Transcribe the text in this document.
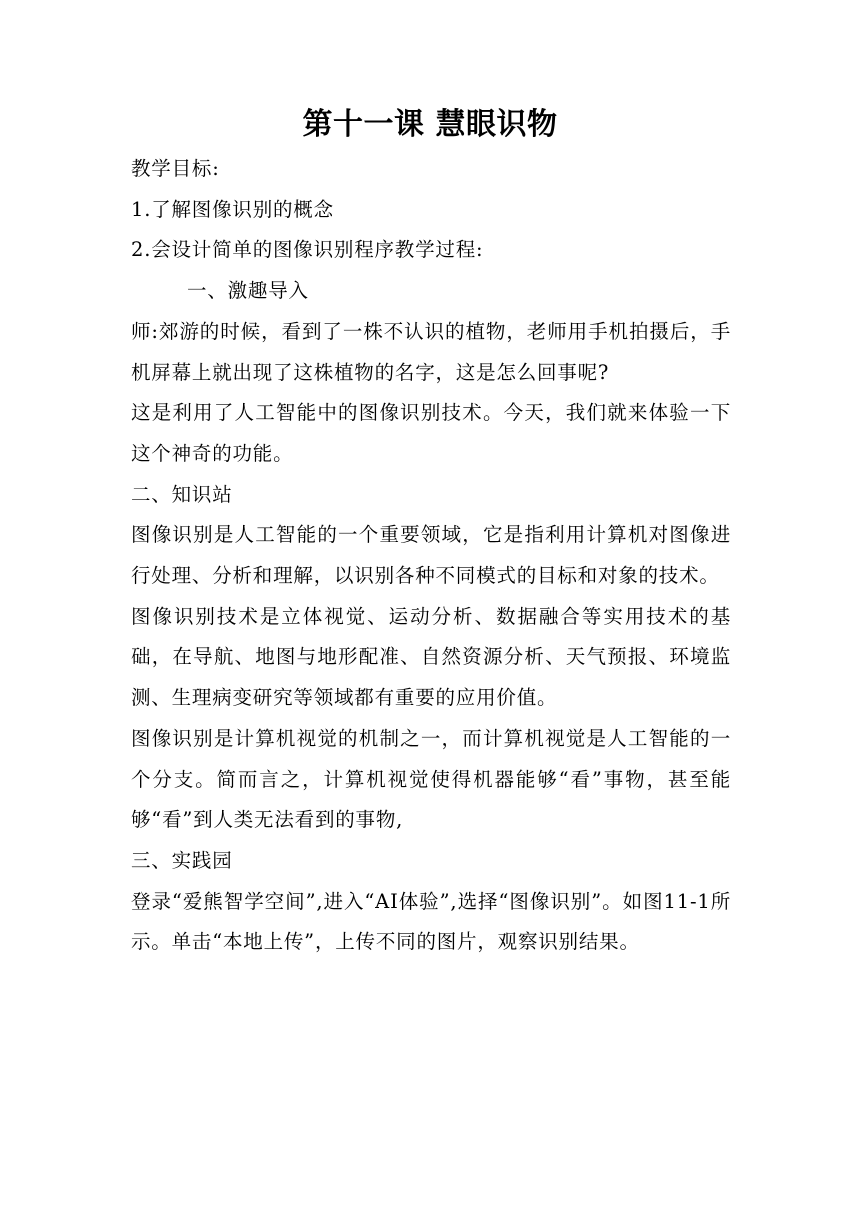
第十一课 慧眼识物

教学目标:

1.了解图像识别的概念

2.会设计简单的图像识别程序教学过程:

一、激趣导入

师:郊游的时候，看到了一株不认识的植物，老师用手机拍摄后，手机屏幕上就出现了这株植物的名字，这是怎么回事呢?

这是利用了人工智能中的图像识别技术。今天，我们就来体验一下这个神奇的功能。

二、知识站

图像识别是人工智能的一个重要领域，它是指利用计算机对图像进行处理、分析和理解，以识别各种不同模式的目标和对象的技术。

图像识别技术是立体视觉、运动分析、数据融合等实用技术的基础，在导航、地图与地形配准、自然资源分析、天气预报、环境监测、生理病变研究等领域都有重要的应用价值。

图像识别是计算机视觉的机制之一，而计算机视觉是人工智能的一个分支。简而言之，计算机视觉使得机器能够“看”事物，甚至能够“看”到人类无法看到的事物,

三、实践园

登录“爱熊智学空间”,进入“AI体验”,选择“图像识别”。如图11-1所示。单击“本地上传”，上传不同的图片，观察识别结果。
